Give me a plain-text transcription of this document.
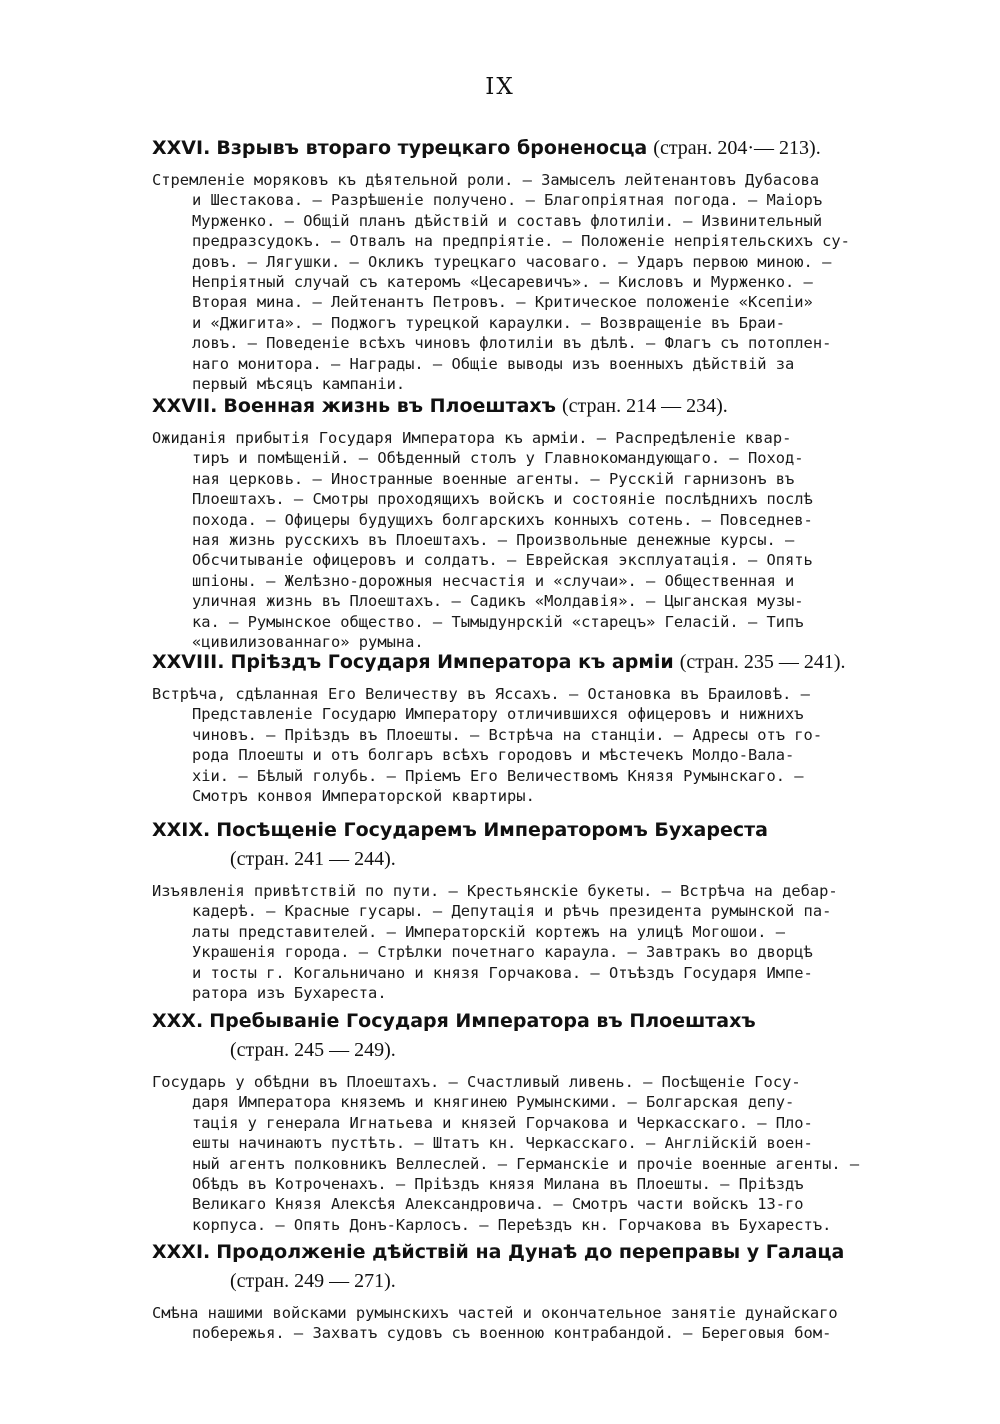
IX
XXVI. Взрывъ втораго турецкаго броненосца (стран. 204·— 213).
Стремленіе моряковъ къ дѣятельной роли. — Замыселъ лейтенантовъ Дубасова
и Шестакова. — Разрѣшеніе получено. — Благопріятная погода. — Маіоръ
Мурженко. — Общій планъ дѣйствій и составъ флотиліи. — Извинительный
предразсудокъ. — Отвалъ на предпріятіе. — Положеніе непріятельскихъ су-
довъ. — Лягушки. — Окликъ турецкаго часоваго. — Ударъ первою миною. —
Непріятный случай съ катеромъ «Цесаревичъ». — Кисловъ и Мурженко. —
Вторая мина. — Лейтенантъ Петровъ. — Критическое положеніе «Ксепіи»
и «Джигита». — Поджогъ турецкой караулки. — Возвращеніе въ Браи-
ловъ. — Поведеніе всѣхъ чиновъ флотиліи въ дѣлѣ. — Флагъ съ потоплен-
наго монитора. — Награды. — Общіе выводы изъ военныхъ дѣйствій за
первый мѣсяцъ кампаніи.
XXVII. Военная жизнь въ Плоештахъ (стран. 214 — 234).
Ожиданія прибытія Государя Императора къ арміи. — Распредѣленіе квар-
тиръ и помѣщеній. — Обѣденный столъ у Главнокомандующаго. — Поход-
ная церковь. — Иностранные военные агенты. — Русскій гарнизонъ въ
Плоештахъ. — Смотры проходящихъ войскъ и состояніе послѣднихъ послѣ
похода. — Офицеры будущихъ болгарскихъ конныхъ сотень. — Повседнев-
ная жизнь русскихъ въ Плоештахъ. — Произвольные денежные курсы. —
Обсчитываніе офицеровъ и солдатъ. — Еврейская эксплуатація. — Опять
шпіоны. — Желѣзно-дорожныя несчастія и «случаи». — Общественная и
уличная жизнь въ Плоештахъ. — Садикъ «Молдавія». — Цыганская музы-
ка. — Румынское общество. — Тымыдунрскій «старецъ» Геласій. — Типъ
«цивилизованнаго» румына.
XXVIII. Пріѣздъ Государя Императора къ арміи (стран. 235 — 241).
Встрѣча, сдѣланная Его Величеству въ Яссахъ. — Остановка въ Браиловѣ. —
Представленіе Государю Императору отличившихся офицеровъ и нижнихъ
чиновъ. — Пріѣздъ въ Плоешты. — Встрѣча на станціи. — Адресы отъ го-
рода Плоешты и отъ болгаръ всѣхъ городовъ и мѣстечекъ Молдо-Вала-
хіи. — Бѣлый голубь. — Пріемъ Его Величествомъ Князя Румынскаго. —
Смотръ конвоя Императорской квартиры.
XXIX. Посѣщеніе Государемъ Императоромъ Бухареста
(стран. 241 — 244).
Изъявленія привѣтствій по пути. — Крестьянскіе букеты. — Встрѣча на дебар-
кадерѣ. — Красные гусары. — Депутація и рѣчь президента румынской па-
латы представителей. — Императорскій кортежъ на улицѣ Могошои. —
Украшенія города. — Стрѣлки почетнаго караула. — Завтракъ во дворцѣ
и тосты г. Когальничано и князя Горчакова. — Отъѣздъ Государя Импе-
ратора изъ Бухареста.
XXX. Пребываніе Государя Императора въ Плоештахъ
(стран. 245 — 249).
Государь у обѣдни въ Плоештахъ. — Счастливый ливень. — Посѣщеніе Госу-
даря Императора княземъ и княгинею Румынскими. — Болгарская депу-
тація у генерала Игнатьева и князей Горчакова и Черкасскаго. — Пло-
ешты начинаютъ пустѣть. — Штатъ кн. Черкасскаго. — Англійскій воен-
ный агентъ полковникъ Веллеслей. — Германскіе и прочіе военные агенты. —
Обѣдъ въ Котроченахъ. — Пріѣздъ князя Милана въ Плоешты. — Пріѣздъ
Великаго Князя Алексѣя Александровича. — Смотръ части войскъ 13-го
корпуса. — Опять Донъ-Карлосъ. — Переѣздъ кн. Горчакова въ Бухарестъ.
XXXI. Продолженіе дѣйствій на Дунаѣ до переправы у Галаца
(стран. 249 — 271).
Смѣна нашими войсками румынскихъ частей и окончательное занятіе дунайскаго
побережья. — Захватъ судовъ съ военною контрабандой. — Береговыя бом-
